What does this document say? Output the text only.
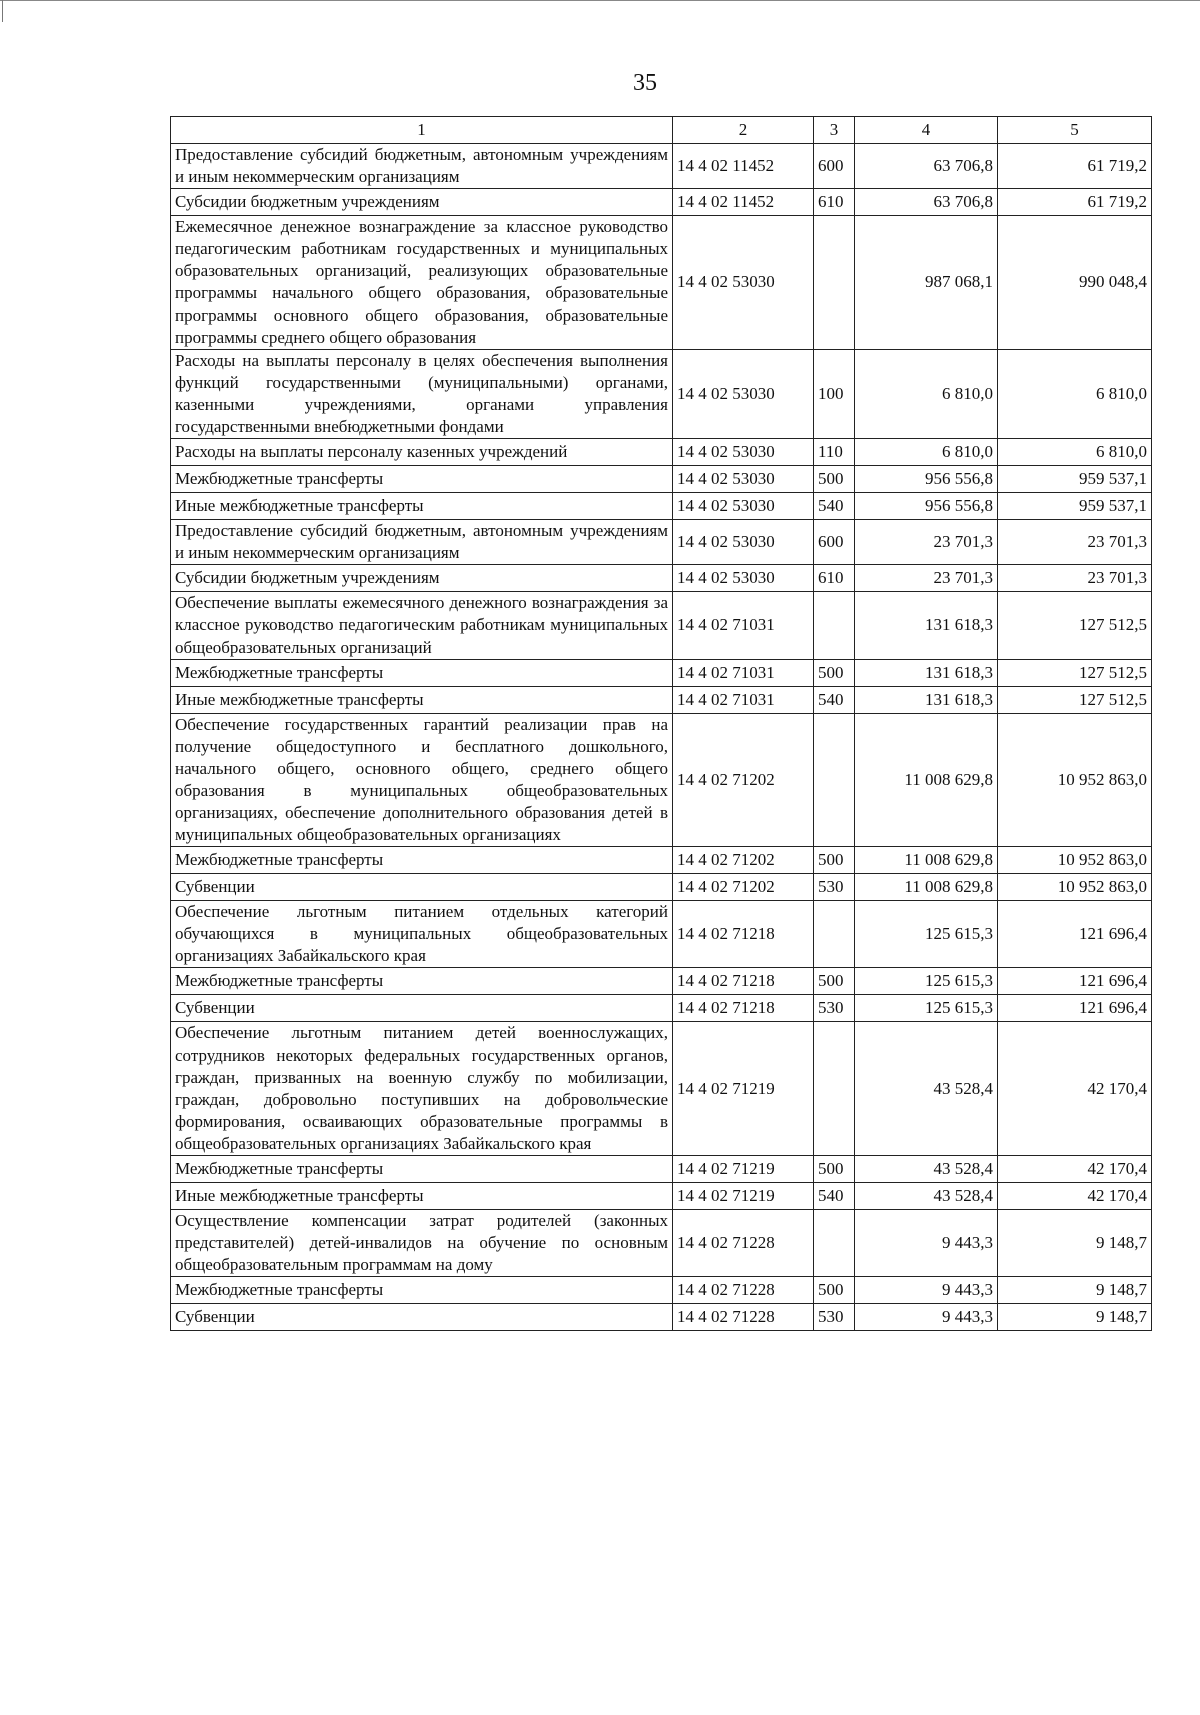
35
1	2	3	4	5
Предоставление субсидий бюджетным, автономным учреждениям и иным некоммерческим организациям	14 4 02 11452	600	63 706,8	61 719,2
Субсидии бюджетным учреждениям	14 4 02 11452	610	63 706,8	61 719,2
Ежемесячное денежное вознаграждение за классное руководство педагогическим работникам государственных и муниципальных образовательных организаций, реализующих образовательные программы начального общего образования, образовательные программы основного общего образования, образовательные программы среднего общего образования	14 4 02 53030		987 068,1	990 048,4
Расходы на выплаты персоналу в целях обеспечения выполнения функций государственными (муниципальными) органами, казенными учреждениями, органами управления государственными внебюджетными фондами	14 4 02 53030	100	6 810,0	6 810,0
Расходы на выплаты персоналу казенных учреждений	14 4 02 53030	110	6 810,0	6 810,0
Межбюджетные трансферты	14 4 02 53030	500	956 556,8	959 537,1
Иные межбюджетные трансферты	14 4 02 53030	540	956 556,8	959 537,1
Предоставление субсидий бюджетным, автономным учреждениям и иным некоммерческим организациям	14 4 02 53030	600	23 701,3	23 701,3
Субсидии бюджетным учреждениям	14 4 02 53030	610	23 701,3	23 701,3
Обеспечение выплаты ежемесячного денежного вознаграждения за классное руководство педагогическим работникам муниципальных общеобразовательных организаций	14 4 02 71031		131 618,3	127 512,5
Межбюджетные трансферты	14 4 02 71031	500	131 618,3	127 512,5
Иные межбюджетные трансферты	14 4 02 71031	540	131 618,3	127 512,5
Обеспечение государственных гарантий реализации прав на получение общедоступного и бесплатного дошкольного, начального общего, основного общего, среднего общего образования в муниципальных общеобразовательных организациях, обеспечение дополнительного образования детей в муниципальных общеобразовательных организациях	14 4 02 71202		11 008 629,8	10 952 863,0
Межбюджетные трансферты	14 4 02 71202	500	11 008 629,8	10 952 863,0
Субвенции	14 4 02 71202	530	11 008 629,8	10 952 863,0
Обеспечение льготным питанием отдельных категорий обучающихся в муниципальных общеобразовательных организациях Забайкальского края	14 4 02 71218		125 615,3	121 696,4
Межбюджетные трансферты	14 4 02 71218	500	125 615,3	121 696,4
Субвенции	14 4 02 71218	530	125 615,3	121 696,4
Обеспечение льготным питанием детей военнослужащих, сотрудников некоторых федеральных государственных органов, граждан, призванных на военную службу по мобилизации, граждан, добровольно поступивших на добровольческие формирования, осваивающих образовательные программы в общеобразовательных организациях Забайкальского края	14 4 02 71219		43 528,4	42 170,4
Межбюджетные трансферты	14 4 02 71219	500	43 528,4	42 170,4
Иные межбюджетные трансферты	14 4 02 71219	540	43 528,4	42 170,4
Осуществление компенсации затрат родителей (законных представителей) детей-инвалидов на обучение по основным общеобразовательным программам на дому	14 4 02 71228		9 443,3	9 148,7
Межбюджетные трансферты	14 4 02 71228	500	9 443,3	9 148,7
Субвенции	14 4 02 71228	530	9 443,3	9 148,7
